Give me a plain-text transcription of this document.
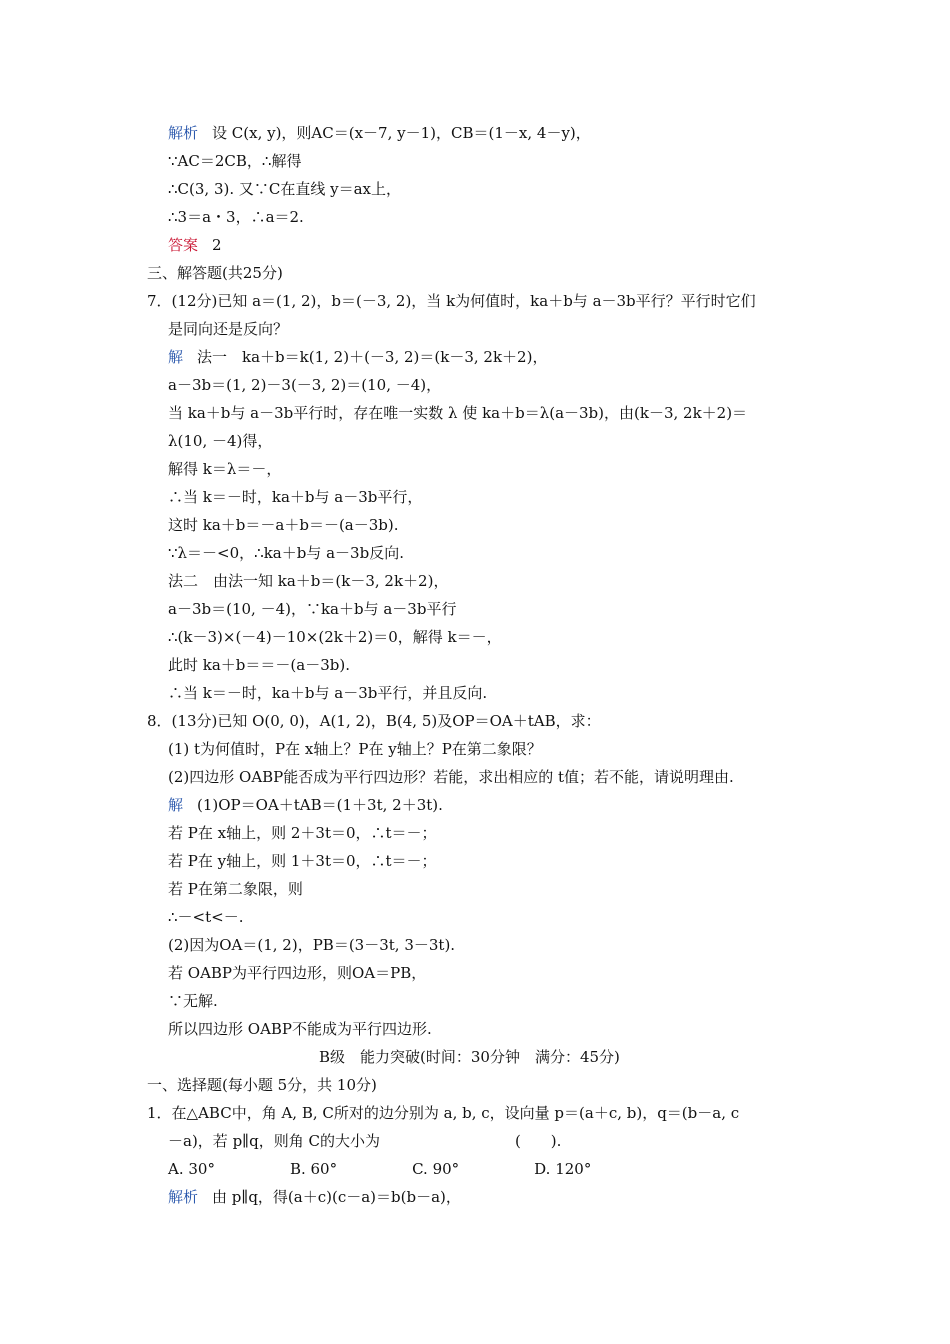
解析 设 C(x, y)，则AC＝(x－7, y－1)，CB＝(1－x, 4－y)，
∵AC＝2CB，∴解得
∴C(3, 3). 又∵C在直线 y＝ax上，
∴3＝a・3，∴a＝2.
答案 2
三、解答题(共25分)
7．(12分)已知 a＝(1, 2)，b＝(－3, 2)，当 k为何值时，ka＋b与 a－3b平行？平行时它们
是同向还是反向？
解 法一　ka＋b＝k(1, 2)＋(－3, 2)＝(k－3, 2k＋2)，
a－3b＝(1, 2)－3(－3, 2)＝(10, －4)，
当 ka＋b与 a－3b平行时，存在唯一实数 λ 使 ka＋b＝λ(a－3b)，由(k－3, 2k＋2)＝
λ(10, －4)得，
解得 k＝λ＝－，
∴当 k＝－时，ka＋b与 a－3b平行，
这时 ka＋b＝－a＋b＝－(a－3b).
∵λ＝－<0，∴ka＋b与 a－3b反向.
法二　由法一知 ka＋b＝(k－3, 2k＋2)，
a－3b＝(10, －4)，∵ka＋b与 a－3b平行
∴(k－3)×(－4)－10×(2k＋2)＝0，解得 k＝－，
此时 ka＋b＝＝－(a－3b).
∴当 k＝－时，ka＋b与 a－3b平行，并且反向.
8．(13分)已知 O(0, 0)，A(1, 2)，B(4, 5)及OP＝OA＋tAB，求：
(1) t为何值时，P在 x轴上？P在 y轴上？P在第二象限？
(2)四边形 OABP能否成为平行四边形？若能，求出相应的 t值；若不能，请说明理由.
解 (1)OP＝OA＋tAB＝(1＋3t, 2＋3t).
若 P在 x轴上，则 2＋3t＝0，∴t＝－；
若 P在 y轴上，则 1＋3t＝0，∴t＝－；
若 P在第二象限，则
∴－<t<－.
(2)因为OA＝(1, 2)，PB＝(3－3t, 3－3t).
若 OABP为平行四边形，则OA＝PB，
∵无解.
所以四边形 OABP不能成为平行四边形.
B级　能力突破(时间：30分钟　满分：45分)
一、选择题(每小题 5分，共 10分)
1．在△ABC中，角 A, B, C所对的边分别为 a, b, c，设向量 p＝(a＋c, b)，q＝(b－a, c
－a)，若 p∥q，则角 C的大小为　　　　　　　　　(　　).
A. 30°　　　　　B. 60°　　　　　C. 90°　　　　　D. 120°
解析 由 p∥q，得(a＋c)(c－a)＝b(b－a)，
